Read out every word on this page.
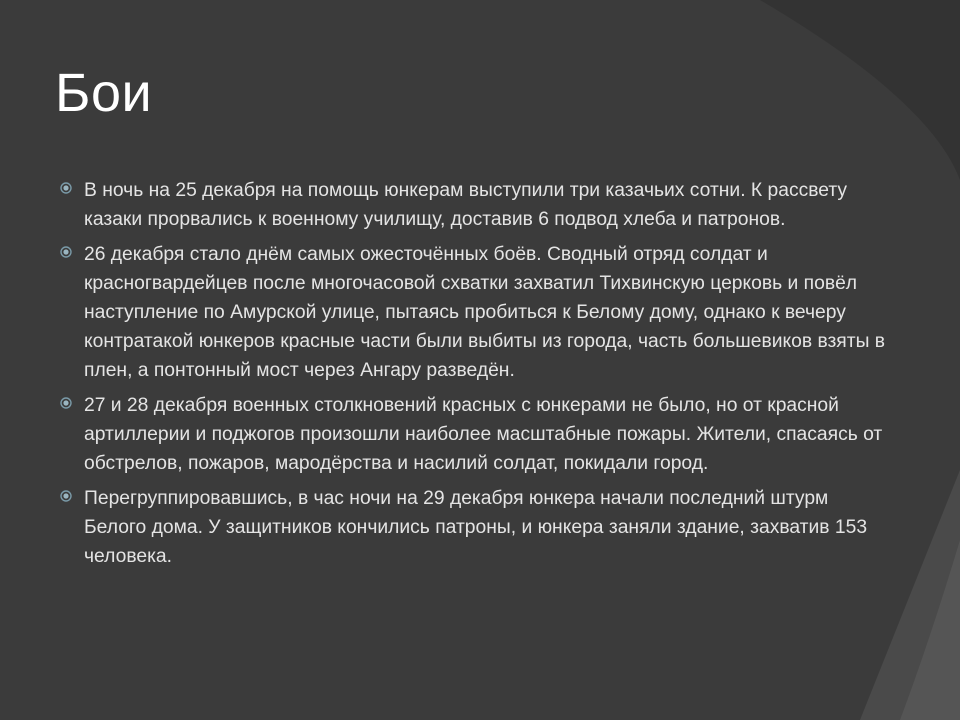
Бои
В ночь на 25 декабря на помощь юнкерам выступили три казачьих сотни. К рассвету казаки прорвались к военному училищу, доставив 6 подвод хлеба и патронов.
26 декабря стало днём самых ожесточённых боёв. Сводный отряд солдат и красногвардейцев после многочасовой схватки захватил Тихвинскую церковь и повёл наступление по Амурской улице, пытаясь пробиться к Белому дому, однако к вечеру контратакой юнкеров красные части были выбиты из города, часть большевиков взяты в плен, а понтонный мост через Ангару разведён.
27 и 28 декабря военных столкновений красных с юнкерами не было, но от красной артиллерии и поджогов произошли наиболее масштабные пожары. Жители, спасаясь от обстрелов, пожаров, мародёрства и насилий солдат, покидали город.
Перегруппировавшись, в час ночи на 29 декабря юнкера начали последний штурм Белого дома. У защитников кончились патроны, и юнкера заняли здание, захватив 153 человека.
